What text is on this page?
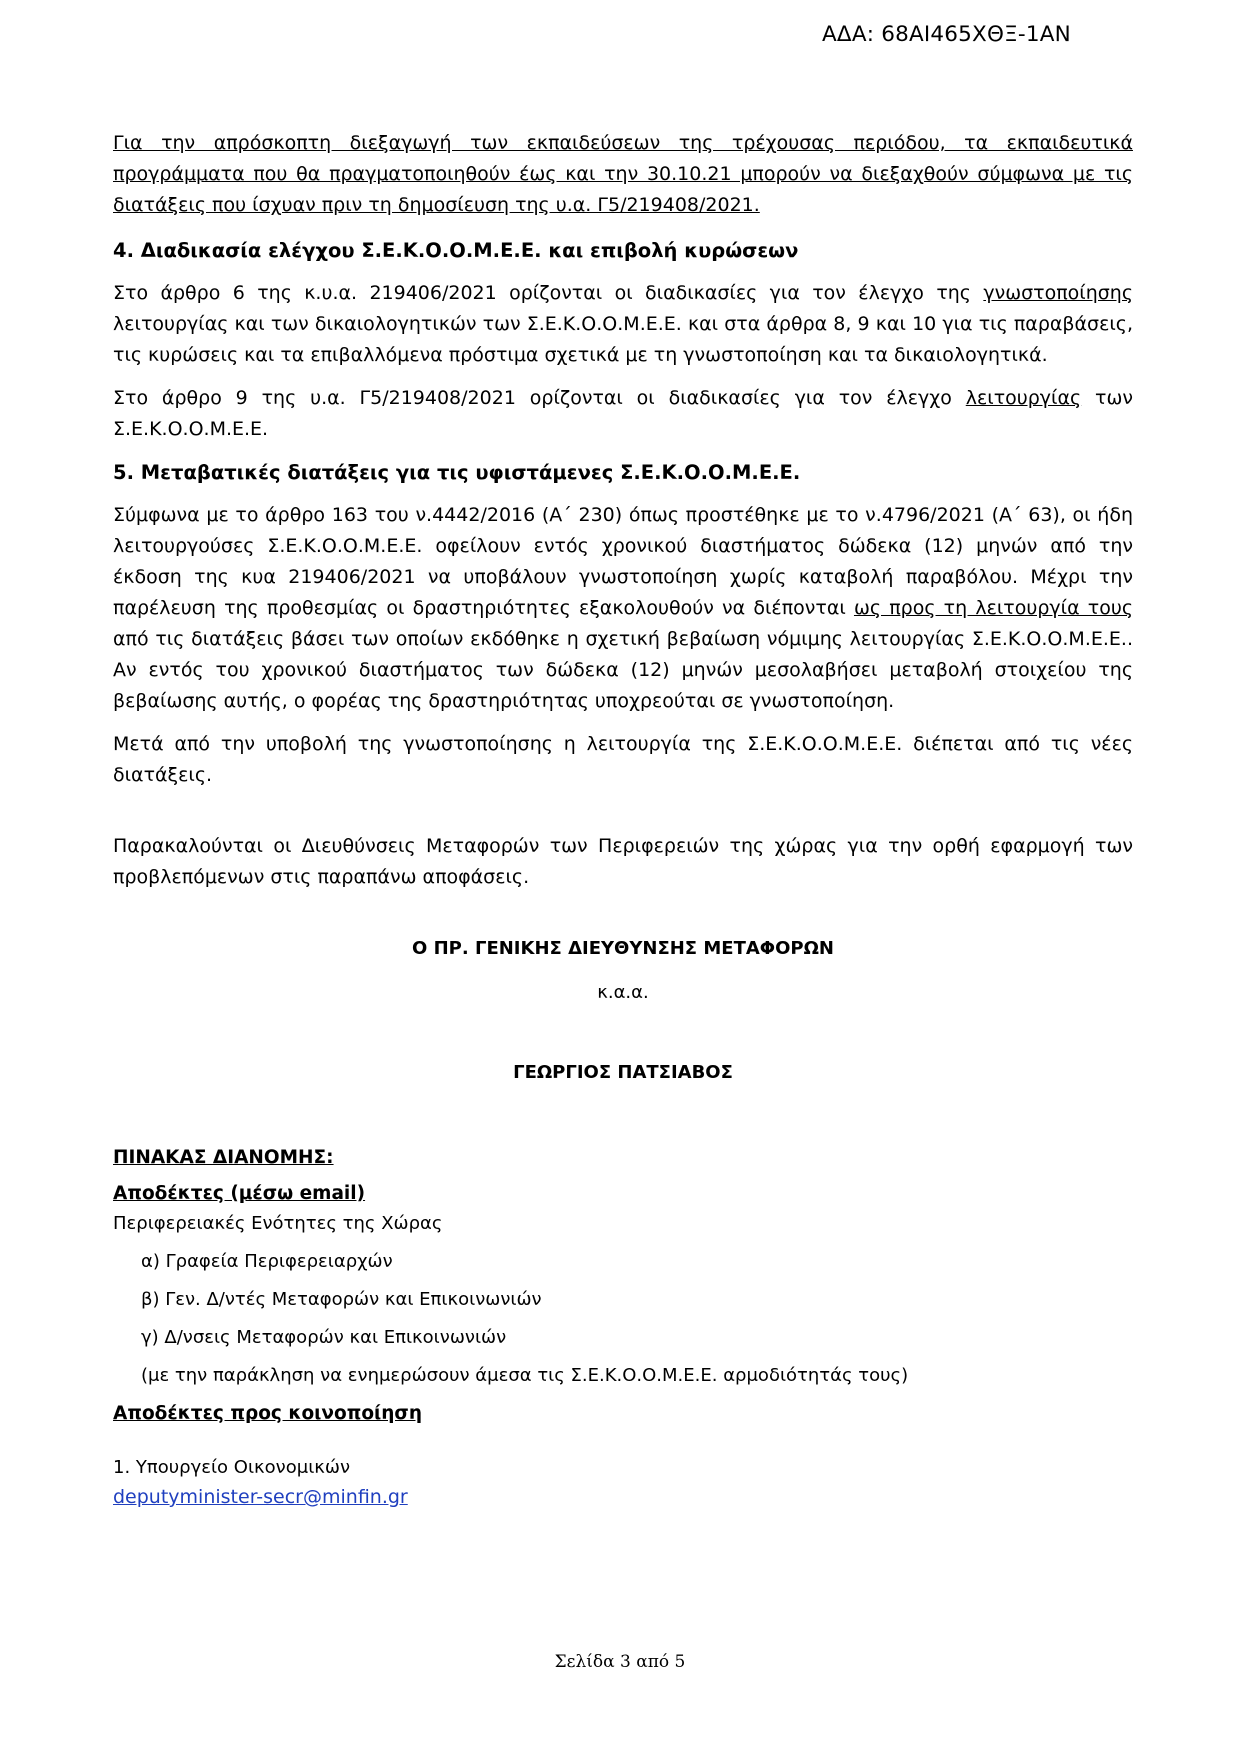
ΑΔΑ: 68ΑΙ465ΧΘΞ-1ΑΝ

Για την απρόσκοπτη διεξαγωγή των εκπαιδεύσεων της τρέχουσας περιόδου, τα εκπαιδευτικά προγράμματα που θα πραγματοποιηθούν έως και την 30.10.21 μπορούν να διεξαχθούν σύμφωνα με τις διατάξεις που ίσχυαν πριν τη δημοσίευση της υ.α. Γ5/219408/2021.

4. Διαδικασία ελέγχου Σ.Ε.Κ.Ο.Ο.Μ.Ε.Ε. και επιβολή κυρώσεων

Στο άρθρο 6 της κ.υ.α. 219406/2021 ορίζονται οι διαδικασίες για τον έλεγχο της γνωστοποίησης λειτουργίας και των δικαιολογητικών των Σ.Ε.Κ.Ο.Ο.Μ.Ε.Ε. και στα άρθρα 8, 9 και 10 για τις παραβάσεις, τις κυρώσεις και τα επιβαλλόμενα πρόστιμα σχετικά με τη γνωστοποίηση και τα δικαιολογητικά.

Στο άρθρο 9 της υ.α. Γ5/219408/2021 ορίζονται οι διαδικασίες για τον έλεγχο λειτουργίας των Σ.Ε.Κ.Ο.Ο.Μ.Ε.Ε.

5. Μεταβατικές διατάξεις για τις υφιστάμενες Σ.Ε.Κ.Ο.Ο.Μ.Ε.Ε.

Σύμφωνα με το άρθρο 163 του ν.4442/2016 (Α΄ 230) όπως προστέθηκε με το ν.4796/2021 (Α΄ 63), οι ήδη λειτουργούσες Σ.Ε.Κ.Ο.Ο.Μ.Ε.Ε. οφείλουν εντός χρονικού διαστήματος δώδεκα (12) μηνών από την έκδοση της κυα 219406/2021 να υποβάλουν γνωστοποίηση χωρίς καταβολή παραβόλου. Μέχρι την παρέλευση της προθεσμίας οι δραστηριότητες εξακολουθούν να διέπονται ως προς τη λειτουργία τους από τις διατάξεις βάσει των οποίων εκδόθηκε η σχετική βεβαίωση νόμιμης λειτουργίας Σ.Ε.Κ.Ο.Ο.Μ.Ε.Ε.. Αν εντός του χρονικού διαστήματος των δώδεκα (12) μηνών μεσολαβήσει μεταβολή στοιχείου της βεβαίωσης αυτής, ο φορέας της δραστηριότητας υποχρεούται σε γνωστοποίηση.

Μετά από την υποβολή της γνωστοποίησης η λειτουργία της Σ.Ε.Κ.Ο.Ο.Μ.Ε.Ε. διέπεται από τις νέες διατάξεις.

Παρακαλούνται οι Διευθύνσεις Μεταφορών των Περιφερειών της χώρας για την ορθή εφαρμογή των προβλεπόμενων στις παραπάνω αποφάσεις.

Ο ΠΡ. ΓΕΝΙΚΗΣ ΔΙΕΥΘΥΝΣΗΣ ΜΕΤΑΦΟΡΩΝ
κ.α.α.
ΓΕΩΡΓΙΟΣ ΠΑΤΣΙΑΒΟΣ
ΠΙΝΑΚΑΣ ΔΙΑΝΟΜΗΣ:
Αποδέκτες (μέσω email)
Περιφερειακές Ενότητες της Χώρας
α) Γραφεία Περιφερειαρχών
β) Γεν. Δ/ντές Μεταφορών και Επικοινωνιών
γ) Δ/νσεις Μεταφορών και Επικοινωνιών
(με την παράκληση να ενημερώσουν άμεσα τις Σ.Ε.Κ.Ο.Ο.Μ.Ε.Ε. αρμοδιότητάς τους)
Αποδέκτες προς κοινοποίηση
1. Υπουργείο Οικονομικών
deputyminister-secr@minfin.gr
Σελίδα 3 από 5
